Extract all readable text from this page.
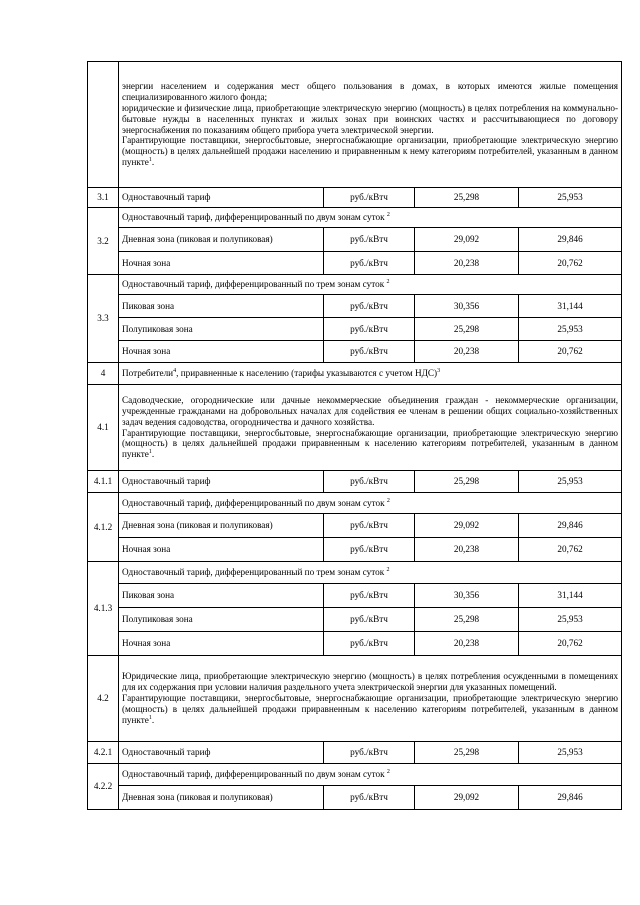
	энергии населением и содержания мест общего пользования в домах, в которых имеются жилые помещения специализированного жилого фонда;
юридические и физические лица, приобретающие электрическую энергию (мощность) в целях потребления на коммунально-бытовые нужды в населенных пунктах и жилых зонах при воинских частях и рассчитывающиеся по договору энергоснабжения по показаниям общего прибора учета электрической энергии.
Гарантирующие поставщики, энергосбытовые, энергоснабжающие организации, приобретающие электрическую энергию (мощность) в целях дальнейшей продажи населению и приравненным к нему категориям потребителей, указанным в данном пункте$^1$.			
3.1	Одноставочный тариф	руб./кВтч	25,298	25,953
3.2	Одноставочный тариф, дифференцированный по двум зонам суток $^2$
	Дневная зона (пиковая и полупиковая)	руб./кВтч	29,092	29,846
	Ночная зона	руб./кВтч	20,238	20,762
3.3	Одноставочный тариф, дифференцированный по трем зонам суток $^2$
	Пиковая зона	руб./кВтч	30,356	31,144
	Полупиковая зона	руб./кВтч	25,298	25,953
	Ночная зона	руб./кВтч	20,238	20,762
4	Потребители$^4$, приравненные к населению (тарифы указываются с учетом НДС)$^3$
4.1	Садоводческие, огороднические или дачные некоммерческие объединения граждан - некоммерческие организации, учрежденные гражданами на добровольных началах для содействия ее членам в решении общих социально-хозяйственных задач ведения садоводства, огородничества и дачного хозяйства.
Гарантирующие поставщики, энергосбытовые, энергоснабжающие организации, приобретающие электрическую энергию (мощность) в целях дальнейшей продажи приравненным к населению категориям потребителей, указанным в данном пункте$^1$.			
4.1.1	Одноставочный тариф	руб./кВтч	25,298	25,953
4.1.2	Одноставочный тариф, дифференцированный по двум зонам суток $^2$
	Дневная зона (пиковая и полупиковая)	руб./кВтч	29,092	29,846
	Ночная зона	руб./кВтч	20,238	20,762
4.1.3	Одноставочный тариф, дифференцированный по трем зонам суток $^2$
	Пиковая зона	руб./кВтч	30,356	31,144
	Полупиковая зона	руб./кВтч	25,298	25,953
	Ночная зона	руб./кВтч	20,238	20,762
4.2	Юридические лица, приобретающие электрическую энергию (мощность) в целях потребления осужденными в помещениях для их содержания при условии наличия раздельного учета электрической энергии для указанных помещений.
Гарантирующие поставщики, энергосбытовые, энергоснабжающие организации, приобретающие электрическую энергию (мощность) в целях дальнейшей продажи приравненным к населению категориям потребителей, указанным в данном пункте$^1$.			
4.2.1	Одноставочный тариф	руб./кВтч	25,298	25,953
4.2.2	Одноставочный тариф, дифференцированный по двум зонам суток $^2$
	Дневная зона (пиковая и полупиковая)	руб./кВтч	29,092	29,846
